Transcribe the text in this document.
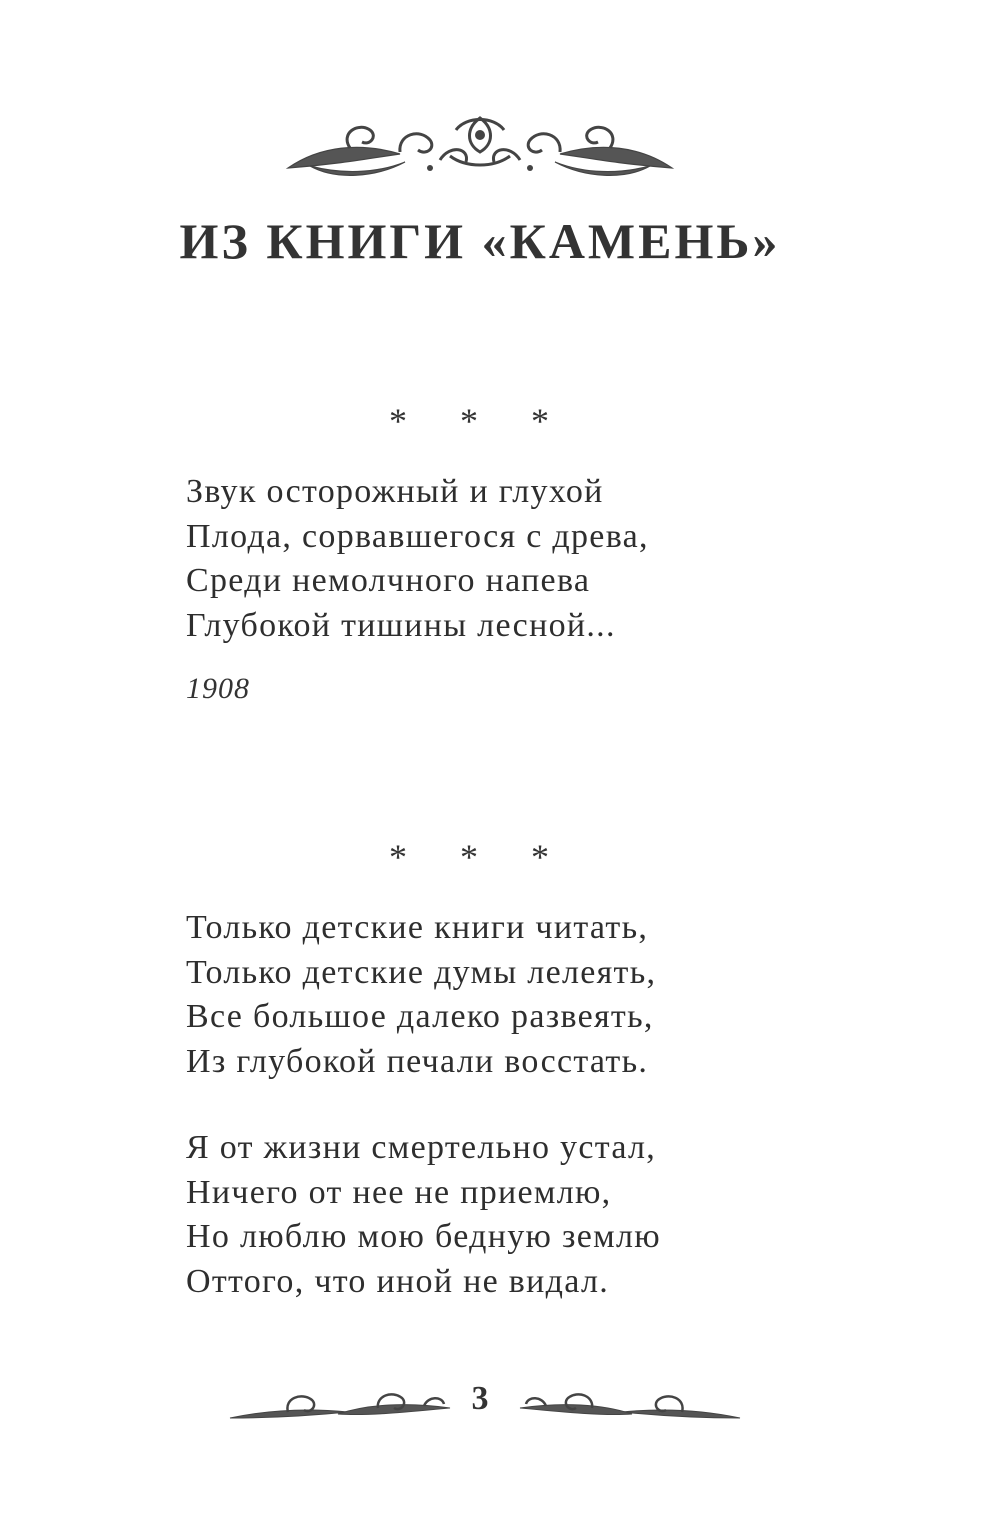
ИЗ КНИГИ «КАМЕНЬ»
* * *
Звук осторожный и глухой
Плода, сорвавшегося с древа,
Среди немолчного напева
Глубокой тишины лесной...
1908
* * *
Только детские книги читать,
Только детские думы лелеять,
Все большое далеко развеять,
Из глубокой печали восстать.
Я от жизни смертельно устал,
Ничего от нее не приемлю,
Но люблю мою бедную землю
Оттого, что иной не видал.
3
